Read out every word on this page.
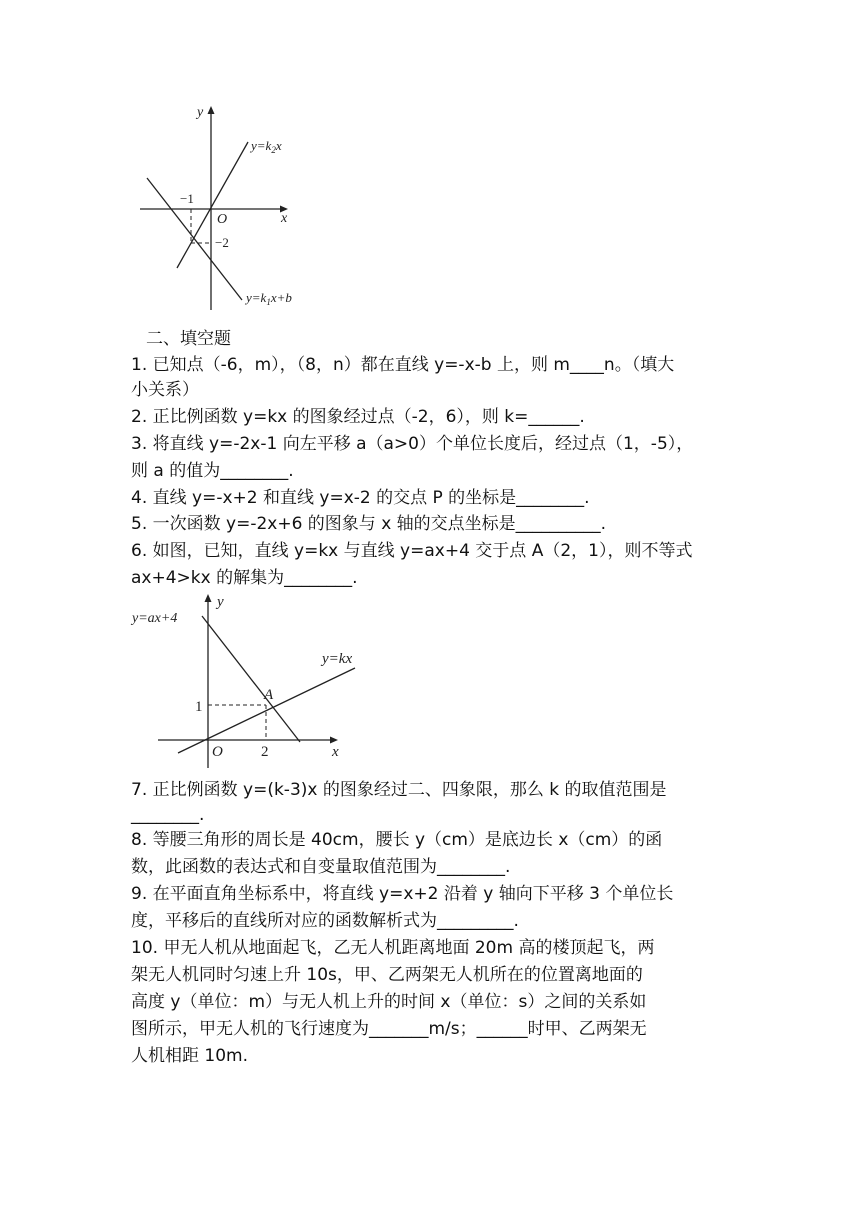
y
x
O
−1
−2
$y=k_2x$
$y=k_1x+b$
二、填空题
1. 已知点（-6，m），（8，n）都在直线 y=-x-b 上，则 m____n。（填大
小关系）
2. 正比例函数 y=kx 的图象经过点（-2，6），则 k=______.
3. 将直线 y=-2x-1 向左平移 a（a>0）个单位长度后，经过点（1，-5），
则 a 的值为________.
4. 直线 y=-x+2 和直线 y=x-2 的交点 P 的坐标是________.
5. 一次函数 y=-2x+6 的图象与 x 轴的交点坐标是__________.
6. 如图，已知，直线 y=kx 与直线 y=ax+4 交于点 A（2，1），则不等式
ax+4>kx 的解集为________.
y
x
O
1
2
A
y=ax+4
y=kx
7. 正比例函数 y=(k-3)x 的图象经过二、四象限，那么 k 的取值范围是
________.
8. 等腰三角形的周长是 40cm，腰长 y（cm）是底边长 x（cm）的函
数，此函数的表达式和自变量取值范围为________.
9. 在平面直角坐标系中，将直线 y=x+2 沿着 y 轴向下平移 3 个单位长
度，平移后的直线所对应的函数解析式为_________.
10. 甲无人机从地面起飞，乙无人机距离地面 20m 高的楼顶起飞，两
架无人机同时匀速上升 10s，甲、乙两架无人机所在的位置离地面的
高度 y（单位：m）与无人机上升的时间 x（单位：s）之间的关系如
图所示，甲无人机的飞行速度为_______m/s；______时甲、乙两架无
人机相距 10m.
